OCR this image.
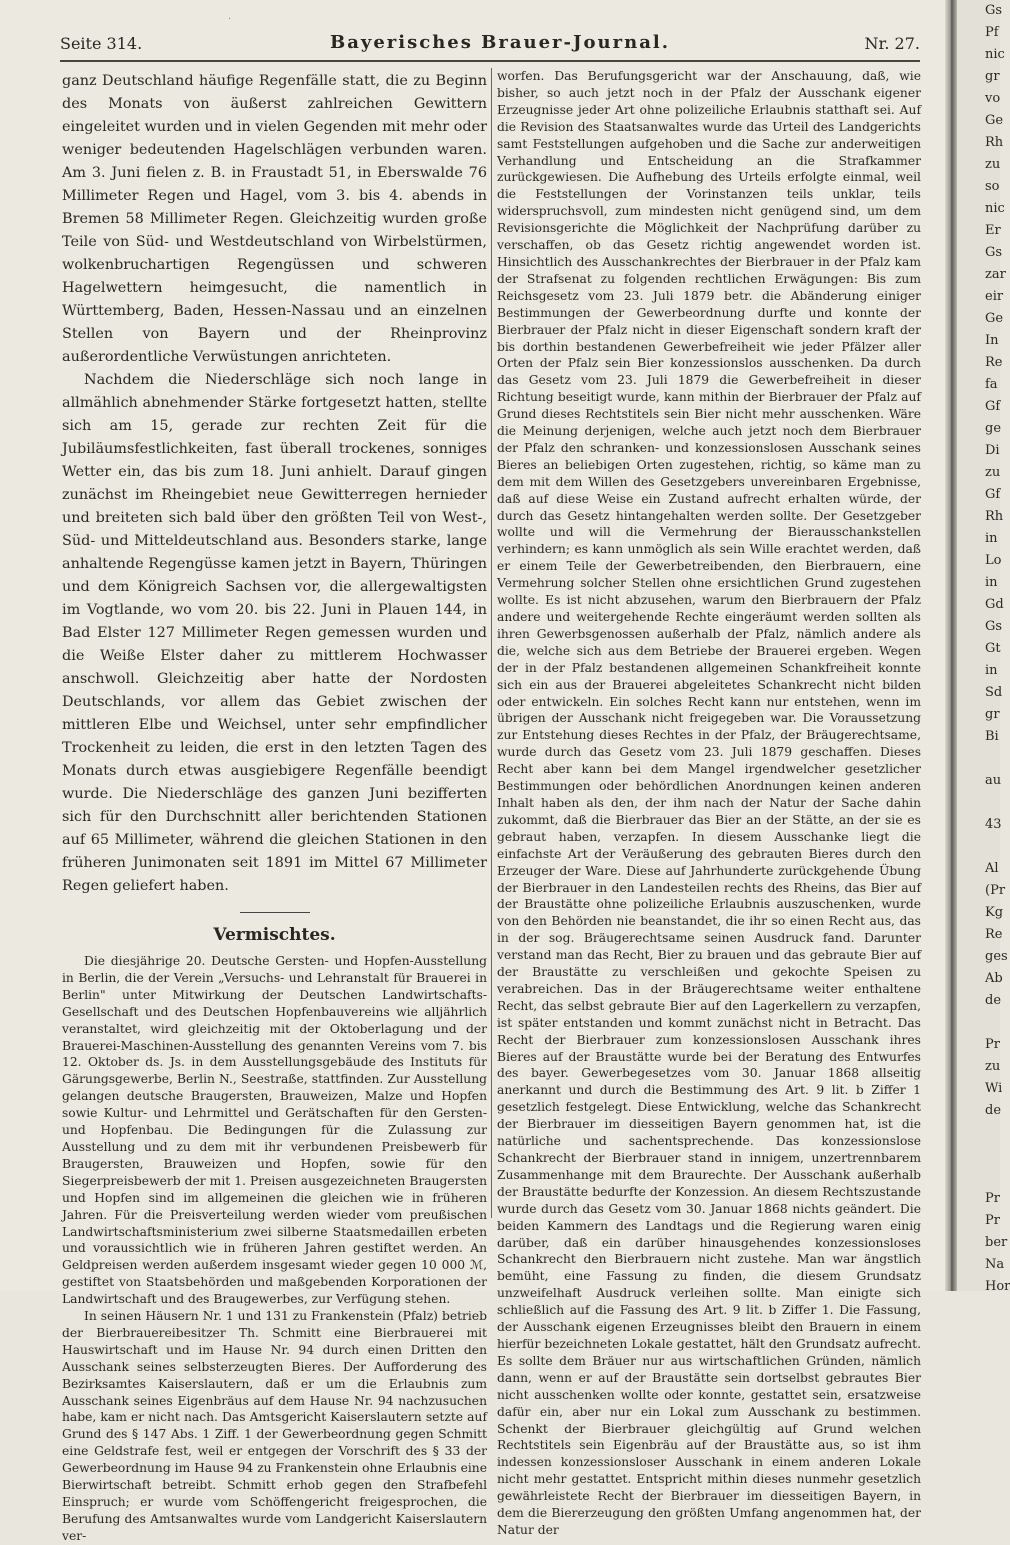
·
Seite 314.	Bayerisches Brauer-Journal.	Nr. 27.

ganz Deutschland häufige Regenfälle statt, die zu Beginn des Monats von äußerst zahlreichen Gewittern eingeleitet wurden und in vielen Gegenden mit mehr oder weniger bedeutenden Hagelschlägen verbunden waren. Am 3. Juni fielen z. B. in Fraustadt 51, in Eberswalde 76 Millimeter Regen und Hagel, vom 3. bis 4. abends in Bremen 58 Millimeter Regen. Gleichzeitig wurden große Teile von Süd- und Westdeutschland von Wirbelstürmen, wolkenbruchartigen Regengüssen und schweren Hagelwettern heimgesucht, die namentlich in Württemberg, Baden, Hessen-Nassau und an einzelnen Stellen von Bayern und der Rheinprovinz außerordentliche Verwüstungen anrichteten.

Nachdem die Niederschläge sich noch lange in allmählich abnehmender Stärke fortgesetzt hatten, stellte sich am 15, gerade zur rechten Zeit für die Jubiläumsfestlichkeiten, fast überall trockenes, sonniges Wetter ein, das bis zum 18. Juni anhielt. Darauf gingen zunächst im Rheingebiet neue Gewitterregen hernieder und breiteten sich bald über den größten Teil von West-, Süd- und Mitteldeutschland aus. Besonders starke, lange anhaltende Regengüsse kamen jetzt in Bayern, Thüringen und dem Königreich Sachsen vor, die allergewaltigsten im Vogtlande, wo vom 20. bis 22. Juni in Plauen 144, in Bad Elster 127 Millimeter Regen gemessen wurden und die Weiße Elster daher zu mittlerem Hochwasser anschwoll. Gleichzeitig aber hatte der Nordosten Deutschlands, vor allem das Gebiet zwischen der mittleren Elbe und Weichsel, unter sehr empfindlicher Trockenheit zu leiden, die erst in den letzten Tagen des Monats durch etwas ausgiebigere Regenfälle beendigt wurde. Die Niederschläge des ganzen Juni bezifferten sich für den Durchschnitt aller berichtenden Stationen auf 65 Millimeter, während die gleichen Stationen in den früheren Junimonaten seit 1891 im Mittel 67 Millimeter Regen geliefert haben.

Vermischtes.

Die diesjährige 20. Deutsche Gersten- und Hopfen-Ausstellung in Berlin, die der Verein „Versuchs- und Lehranstalt für Brauerei in Berlin" unter Mitwirkung der Deutschen Landwirtschafts-Gesellschaft und des Deutschen Hopfenbauvereins wie alljährlich veranstaltet, wird gleichzeitig mit der Oktoberlagung und der Brauerei-Maschinen-Ausstellung des genannten Vereins vom 7. bis 12. Oktober ds. Js. in dem Ausstellungsgebäude des Instituts für Gärungsgewerbe, Berlin N., Seestraße, stattfinden. Zur Ausstellung gelangen deutsche Braugersten, Brauweizen, Malze und Hopfen sowie Kultur- und Lehrmittel und Gerätschaften für den Gersten- und Hopfenbau. Die Bedingungen für die Zulassung zur Ausstellung und zu dem mit ihr verbundenen Preisbewerb für Braugersten, Brauweizen und Hopfen, sowie für den Siegerpreisbewerb der mit 1. Preisen ausgezeichneten Braugersten und Hopfen sind im allgemeinen die gleichen wie in früheren Jahren. Für die Preisverteilung werden wieder vom preußischen Landwirtschaftsministerium zwei silberne Staatsmedaillen erbeten und voraussichtlich wie in früheren Jahren gestiftet werden. An Geldpreisen werden außerdem insgesamt wieder gegen 10 000 ℳ, gestiftet von Staatsbehörden und maßgebenden Korporationen der Landwirtschaft und des Braugewerbes, zur Verfügung stehen.

In seinen Häusern Nr. 1 und 131 zu Frankenstein (Pfalz) betrieb der Bierbrauereibesitzer Th. Schmitt eine Bierbrauerei mit Hauswirtschaft und im Hause Nr. 94 durch einen Dritten den Ausschank seines selbsterzeugten Bieres. Der Aufforderung des Bezirksamtes Kaiserslautern, daß er um die Erlaubnis zum Ausschank seines Eigenbräus auf dem Hause Nr. 94 nachzusuchen habe, kam er nicht nach. Das Amtsgericht Kaiserslautern setzte auf Grund des § 147 Abs. 1 Ziff. 1 der Gewerbeordnung gegen Schmitt eine Geldstrafe fest, weil er entgegen der Vorschrift des § 33 der Gewerbeordnung im Hause 94 zu Frankenstein ohne Erlaubnis eine Bierwirtschaft betreibt. Schmitt erhob gegen den Strafbefehl Einspruch; er wurde vom Schöffengericht freigesprochen, die Berufung des Amtsanwaltes wurde vom Landgericht Kaiserslautern ver-

worfen. Das Berufungsgericht war der Anschauung, daß, wie bisher, so auch jetzt noch in der Pfalz der Ausschank eigener Erzeugnisse jeder Art ohne polizeiliche Erlaubnis statthaft sei. Auf die Revision des Staatsanwaltes wurde das Urteil des Landgerichts samt Feststellungen aufgehoben und die Sache zur anderweitigen Verhandlung und Entscheidung an die Strafkammer zurückgewiesen. Die Aufhebung des Urteils erfolgte einmal, weil die Feststellungen der Vorinstanzen teils unklar, teils widerspruchsvoll, zum mindesten nicht genügend sind, um dem Revisionsgerichte die Möglichkeit der Nachprüfung darüber zu verschaffen, ob das Gesetz richtig angewendet worden ist. Hinsichtlich des Ausschankrechtes der Bierbrauer in der Pfalz kam der Strafsenat zu folgenden rechtlichen Erwägungen: Bis zum Reichsgesetz vom 23. Juli 1879 betr. die Abänderung einiger Bestimmungen der Gewerbeordnung durfte und konnte der Bierbrauer der Pfalz nicht in dieser Eigenschaft sondern kraft der bis dorthin bestandenen Gewerbefreiheit wie jeder Pfälzer aller Orten der Pfalz sein Bier konzessionslos ausschenken. Da durch das Gesetz vom 23. Juli 1879 die Gewerbefreiheit in dieser Richtung beseitigt wurde, kann mithin der Bierbrauer der Pfalz auf Grund dieses Rechtstitels sein Bier nicht mehr ausschenken. Wäre die Meinung derjenigen, welche auch jetzt noch dem Bierbrauer der Pfalz den schranken- und konzessionslosen Ausschank seines Bieres an beliebigen Orten zugestehen, richtig, so käme man zu dem mit dem Willen des Gesetzgebers unvereinbaren Ergebnisse, daß auf diese Weise ein Zustand aufrecht erhalten würde, der durch das Gesetz hintangehalten werden sollte. Der Gesetzgeber wollte und will die Vermehrung der Bierausschankstellen verhindern; es kann unmöglich als sein Wille erachtet werden, daß er einem Teile der Gewerbetreibenden, den Bierbrauern, eine Vermehrung solcher Stellen ohne ersichtlichen Grund zugestehen wollte. Es ist nicht abzusehen, warum den Bierbrauern der Pfalz andere und weitergehende Rechte eingeräumt werden sollten als ihren Gewerbsgenossen außerhalb der Pfalz, nämlich andere als die, welche sich aus dem Betriebe der Brauerei ergeben. Wegen der in der Pfalz bestandenen allgemeinen Schankfreiheit konnte sich ein aus der Brauerei abgeleitetes Schankrecht nicht bilden oder entwickeln. Ein solches Recht kann nur entstehen, wenn im übrigen der Ausschank nicht freigegeben war. Die Voraussetzung zur Entstehung dieses Rechtes in der Pfalz, der Bräugerechtsame, wurde durch das Gesetz vom 23. Juli 1879 geschaffen. Dieses Recht aber kann bei dem Mangel irgendwelcher gesetzlicher Bestimmungen oder behördlichen Anordnungen keinen anderen Inhalt haben als den, der ihm nach der Natur der Sache dahin zukommt, daß die Bierbrauer das Bier an der Stätte, an der sie es gebraut haben, verzapfen. In diesem Ausschanke liegt die einfachste Art der Veräußerung des gebrauten Bieres durch den Erzeuger der Ware. Diese auf Jahrhunderte zurückgehende Übung der Bierbrauer in den Landesteilen rechts des Rheins, das Bier auf der Braustätte ohne polizeiliche Erlaubnis auszuschenken, wurde von den Behörden nie beanstandet, die ihr so einen Recht aus, das in der sog. Bräugerechtsame seinen Ausdruck fand. Darunter verstand man das Recht, Bier zu brauen und das gebraute Bier auf der Braustätte zu verschleißen und gekochte Speisen zu verabreichen. Das in der Bräugerechtsame weiter enthaltene Recht, das selbst gebraute Bier auf den Lagerkellern zu verzapfen, ist später entstanden und kommt zunächst nicht in Betracht. Das Recht der Bierbrauer zum konzessionslosen Ausschank ihres Bieres auf der Braustätte wurde bei der Beratung des Entwurfes des bayer. Gewerbegesetzes vom 30. Januar 1868 allseitig anerkannt und durch die Bestimmung des Art. 9 lit. b Ziffer 1 gesetzlich festgelegt. Diese Entwicklung, welche das Schankrecht der Bierbrauer im diesseitigen Bayern genommen hat, ist die natürliche und sachentsprechende. Das konzessionslose Schankrecht der Bierbrauer stand in innigem, unzertrennbarem Zusammenhange mit dem Braurechte. Der Ausschank außerhalb der Braustätte bedurfte der Konzession. An diesem Rechtszustande wurde durch das Gesetz vom 30. Januar 1868 nichts geändert. Die beiden Kammern des Landtags und die Regierung waren einig darüber, daß ein darüber hinausgehendes konzessionsloses Schankrecht den Bierbrauern nicht zustehe. Man war ängstlich bemüht, eine Fassung zu finden, die diesem Grundsatz unzweifelhaft Ausdruck verleihen sollte. Man einigte sich schließlich auf die Fassung des Art. 9 lit. b Ziffer 1. Die Fassung, der Ausschank eigenen Erzeugnisses bleibt den Brauern in einem hierfür bezeichneten Lokale gestattet, hält den Grundsatz aufrecht. Es sollte dem Bräuer nur aus wirtschaftlichen Gründen, nämlich dann, wenn er auf der Braustätte sein dortselbst gebrautes Bier nicht ausschenken wollte oder konnte, gestattet sein, ersatzweise dafür ein, aber nur ein Lokal zum Ausschank zu bestimmen. Schenkt der Bierbrauer gleichgültig auf Grund welchen Rechtstitels sein Eigenbräu auf der Braustätte aus, so ist ihm indessen konzessionsloser Ausschank in einem anderen Lokale nicht mehr gestattet. Entspricht mithin dieses nunmehr gesetzlich gewährleistete Recht der Bierbrauer im diesseitigen Bayern, in dem die Biererzeugung den größten Umfang angenommen hat, der Natur der

Gs
Pf
nic
gr
vo
Ge
Rh
zu
so
nic
Er
Gs
zar
eir
Ge
In
Re
fa
Gf
ge
Di
zu
Gf
Rh
in
Lo
in
Gd
Gs
Gt
in
Sd
gr
Bi

au

43

Al
(Pr
Kg
Re
ges
Ab
de

Pr
zu
Wi
de

Pr
Pr
ber
Na
Hor
